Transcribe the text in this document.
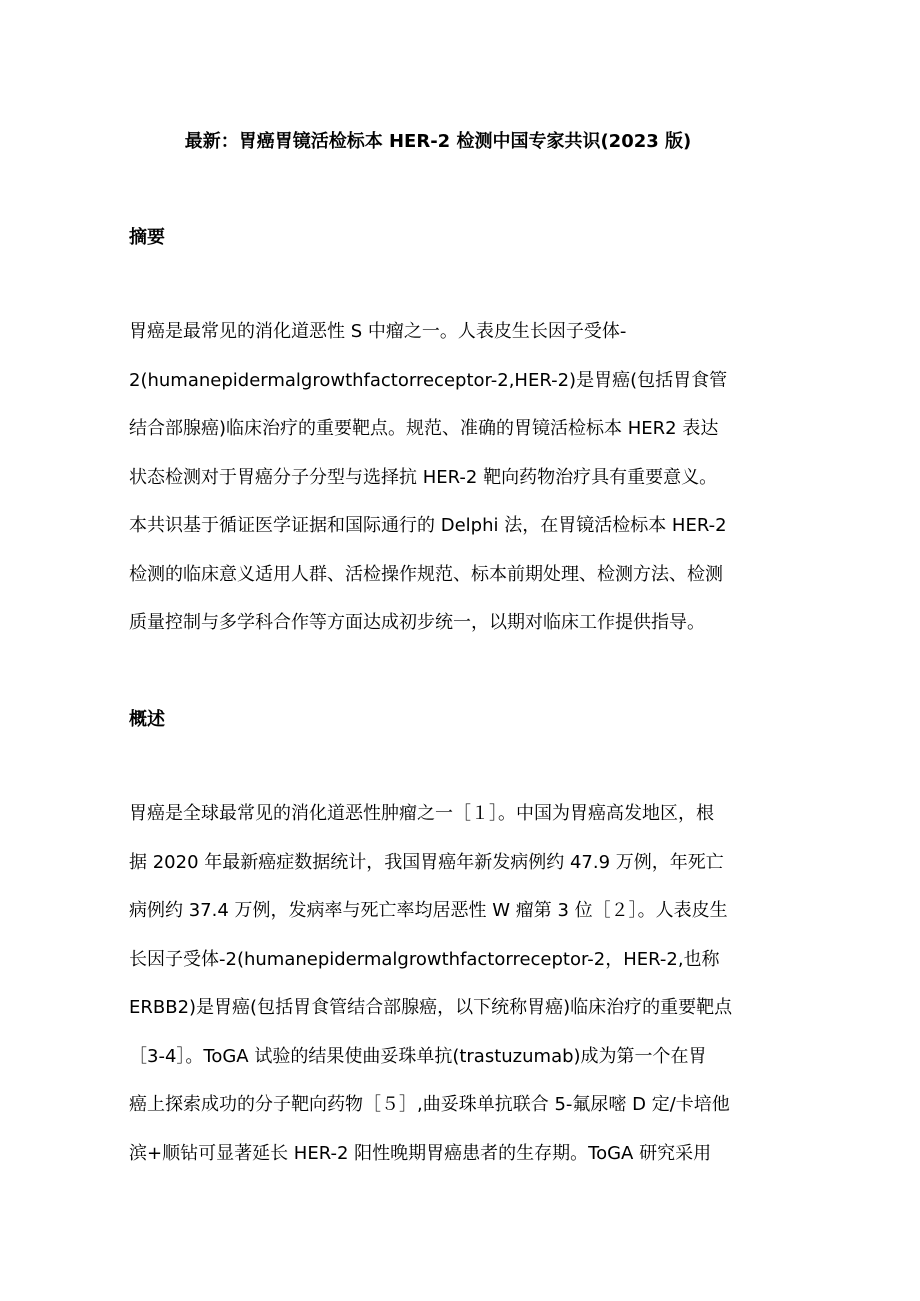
最新：胃癌胃镜活检标本 HER-2 检测中国专家共识(2023 版)
摘要
胃癌是最常见的消化道恶性 S 中瘤之一。人表皮生长因子受体-
2(humanepidermalgrowthfactorreceptor-2,HER-2)是胃癌(包括胃食管
结合部腺癌)临床治疗的重要靶点。规范、准确的胃镜活检标本 HER2 表达
状态检测对于胃癌分子分型与选择抗 HER-2 靶向药物治疗具有重要意义。
本共识基于循证医学证据和国际通行的 Delphi 法，在胃镜活检标本 HER-2
检测的临床意义适用人群、活检操作规范、标本前期处理、检测方法、检测
质量控制与多学科合作等方面达成初步统一，以期对临床工作提供指导。
概述
胃癌是全球最常见的消化道恶性肿瘤之一［１］。中国为胃癌高发地区，根
据 2020 年最新癌症数据统计，我国胃癌年新发病例约 47.9 万例，年死亡
病例约 37.4 万例，发病率与死亡率均居恶性 W 瘤第 3 位［２］。人表皮生
长因子受体-2(humanepidermalgrowthfactorreceptor-2，HER-2,也称
ERBB2)是胃癌(包括胃食管结合部腺癌，以下统称胃癌)临床治疗的重要靶点
［3-4］。ToGA 试验的结果使曲妥珠单抗(trastuzumab)成为第一个在胃
癌上探索成功的分子靶向药物［５］,曲妥珠单抗联合 5-氟尿嘧 D 定/卡培他
滨+顺钻可显著延长 HER-2 阳性晚期胃癌患者的生存期。ToGA 研究采用
